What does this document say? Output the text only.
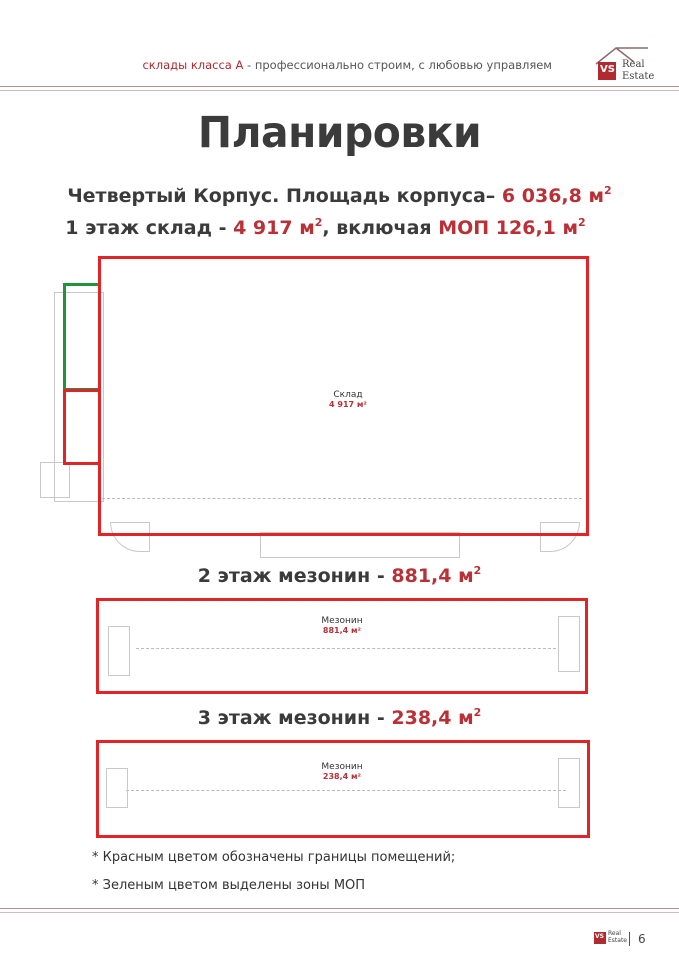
склады класса А - профессионально строим, с любовью управляем	VS Real
Estate
Планировки
Четвертый Корпус. Площадь корпуса– 6 036,8 $м^2$
1 этаж склад - 4 917 $м^2$, включая МОП 126,1 $м^2$
Склад
4 917 м²
2 этаж мезонин - 881,4 $м^2$
Мезонин
881,4 м²
3 этаж мезонин - 238,4 $м^2$
Мезонин
238,4 м²
* Красным цветом обозначены границы помещений;
* Зеленым цветом выделены зоны МОП
VS Real
Estate 6
